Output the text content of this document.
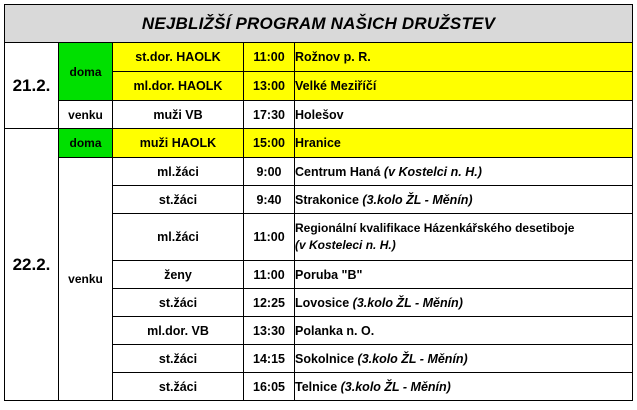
NEJBLIŽŠÍ PROGRAM NAŠICH DRUŽSTEV				
21.2.	doma	st.dor. HAOLK	11:00	Rožnov p. R.
		ml.dor. HAOLK	13:00	Velké Meziříčí
	venku	muži VB	17:30	Holešov
22.2.	doma	muži HAOLK	15:00	Hranice
	venku	ml.žáci	9:00	Centrum Haná (v Kostelci n. H.)
		st.žáci	9:40	Strakonice (3.kolo ŽL - Měnín)
		ml.žáci	11:00	Regionální kvalifikace Házenkářského desetiboje
(v Kosteleci n. H.)
		ženy	11:00	Poruba "B"
		st.žáci	12:25	Lovosice (3.kolo ŽL - Měnín)
		ml.dor. VB	13:30	Polanka n. O.
		st.žáci	14:15	Sokolnice (3.kolo ŽL - Měnín)
		st.žáci	16:05	Telnice (3.kolo ŽL - Měnín)
